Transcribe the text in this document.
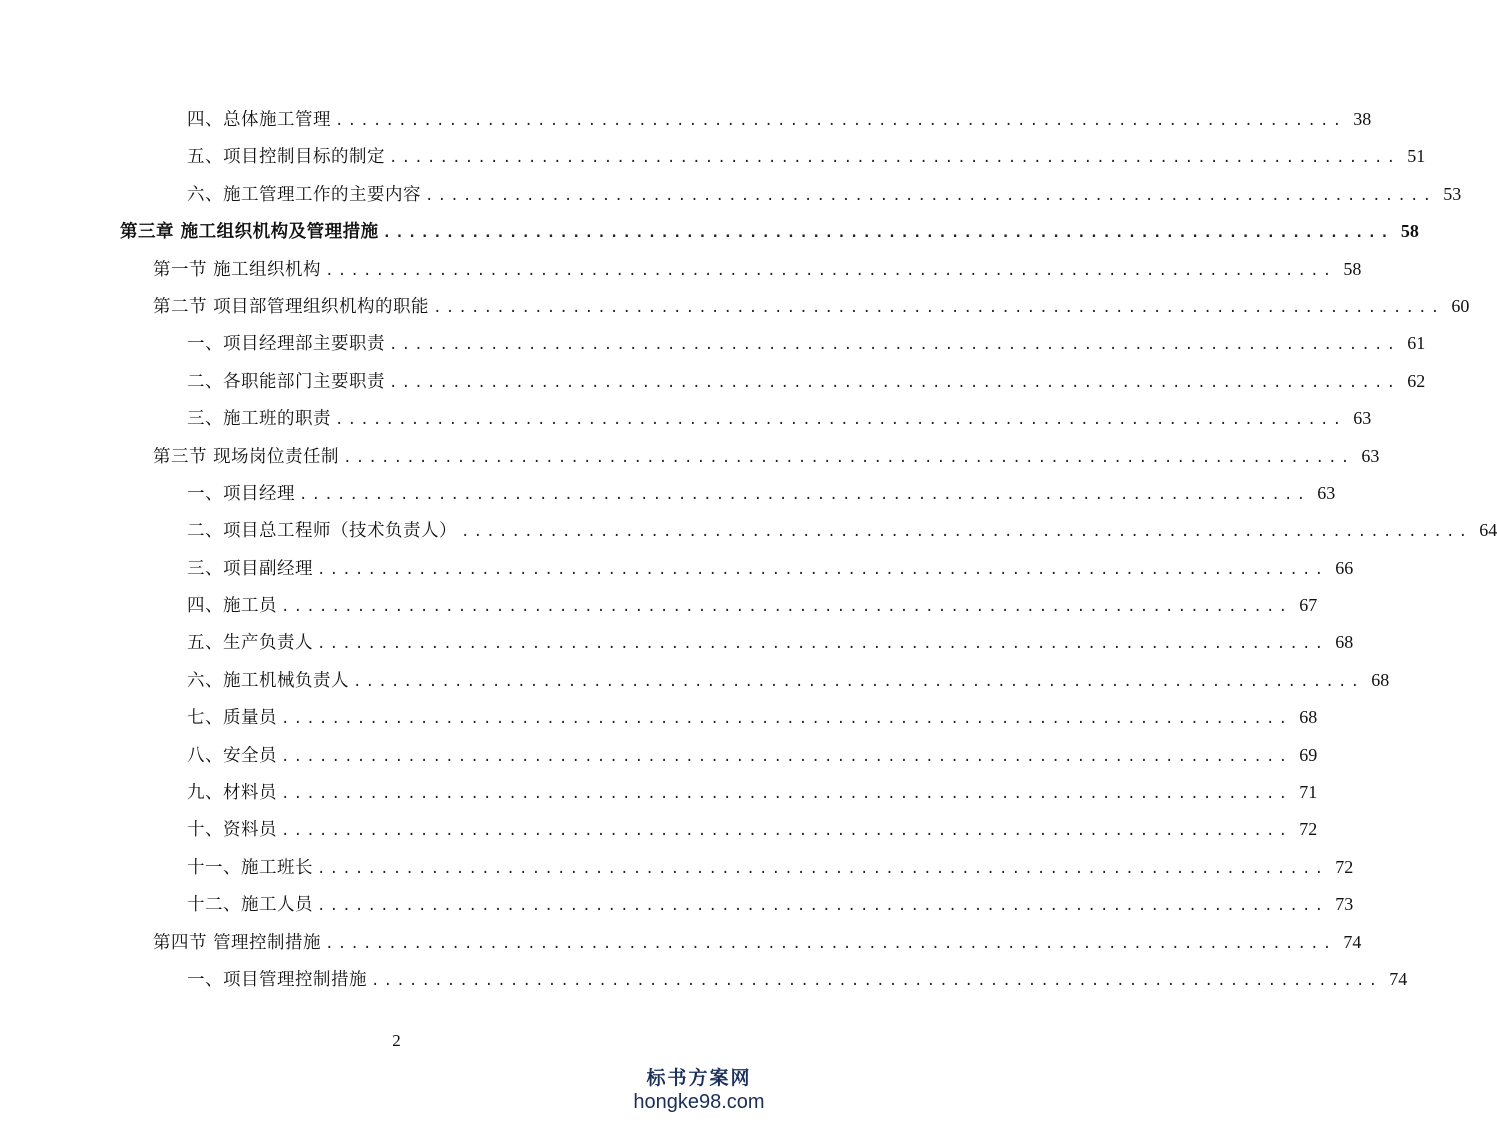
四、总体施工管理 ................................................................................ 38
五、项目控制目标的制定 ................................................................................ 51
六、施工管理工作的主要内容 ................................................................................ 53
第三章 施工组织机构及管理措施 ................................................................................ 58
第一节 施工组织机构 ................................................................................ 58
第二节 项目部管理组织机构的职能 ................................................................................ 60
一、项目经理部主要职责 ................................................................................ 61
二、各职能部门主要职责 ................................................................................ 62
三、施工班的职责 ................................................................................ 63
第三节 现场岗位责任制 ................................................................................ 63
一、项目经理 ................................................................................ 63
二、项目总工程师（技术负责人） ................................................................................ 64
三、项目副经理 ................................................................................ 66
四、施工员 ................................................................................ 67
五、生产负责人 ................................................................................ 68
六、施工机械负责人 ................................................................................ 68
七、质量员 ................................................................................ 68
八、安全员 ................................................................................ 69
九、材料员 ................................................................................ 71
十、资料员 ................................................................................ 72
十一、施工班长 ................................................................................ 72
十二、施工人员 ................................................................................ 73
第四节 管理控制措施 ................................................................................ 74
一、项目管理控制措施 ................................................................................ 74
2
标书方案网
hongke98.com
